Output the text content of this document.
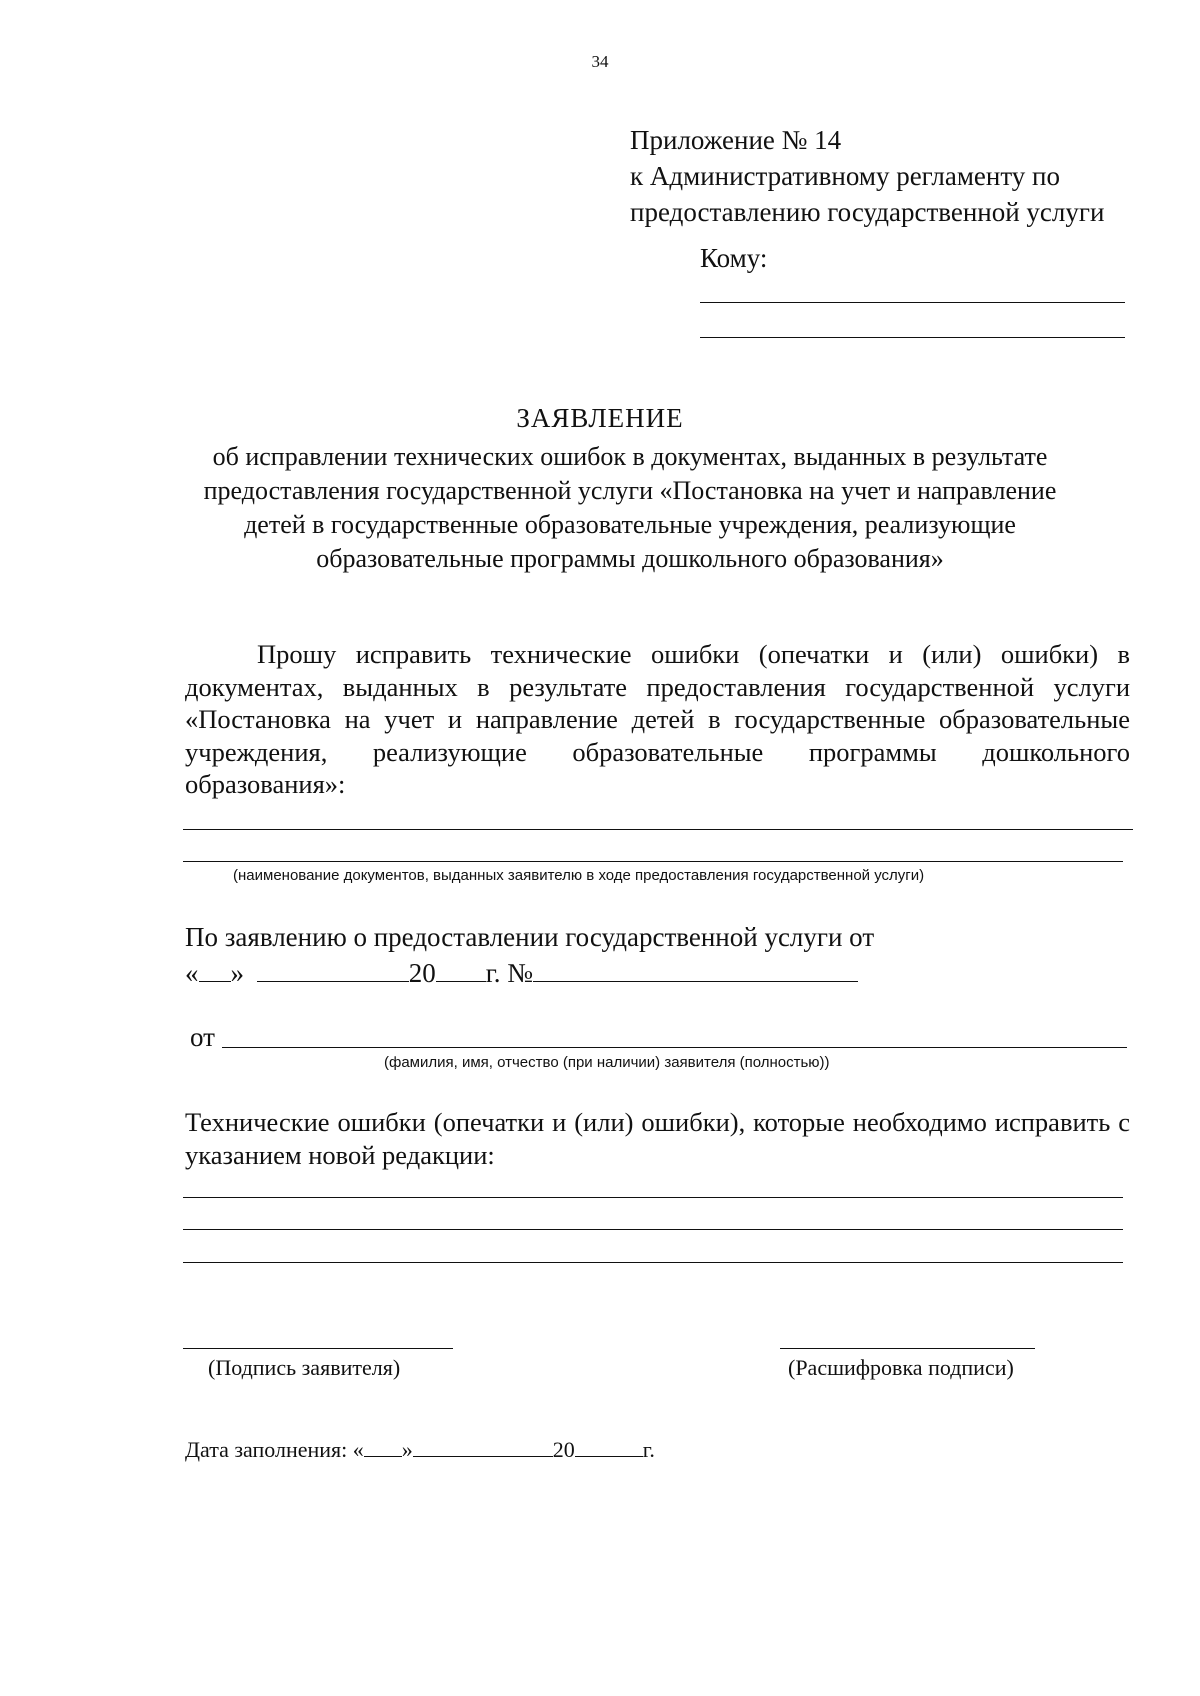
34
Приложение № 14
к Административному регламенту по
предоставлению государственной услуги
Кому:
ЗАЯВЛЕНИЕ
об исправлении технических ошибок в документах, выданных в результате
предоставления государственной услуги «Постановка на учет и направление
детей в государственные образовательные учреждения, реализующие
образовательные программы дошкольного образования»
Прошу исправить технические ошибки (опечатки и (или) ошибки) в документах, выданных в результате предоставления государственной услуги «Постановка на учет и направление детей в государственные образовательные учреждения, реализующие образовательные программы дошкольного образования»:
(наименование документов, выданных заявителю в ходе предоставления государственной услуги)
По заявлению о предоставлении государственной услуги от
« »	20 г. №
от
(фамилия, имя, отчество (при наличии) заявителя (полностью))
Технические ошибки (опечатки и (или) ошибки), которые необходимо исправить с указанием новой редакции:
(Подпись заявителя)	(Расшифровка подписи)
Дата заполнения: « »	20	г.
